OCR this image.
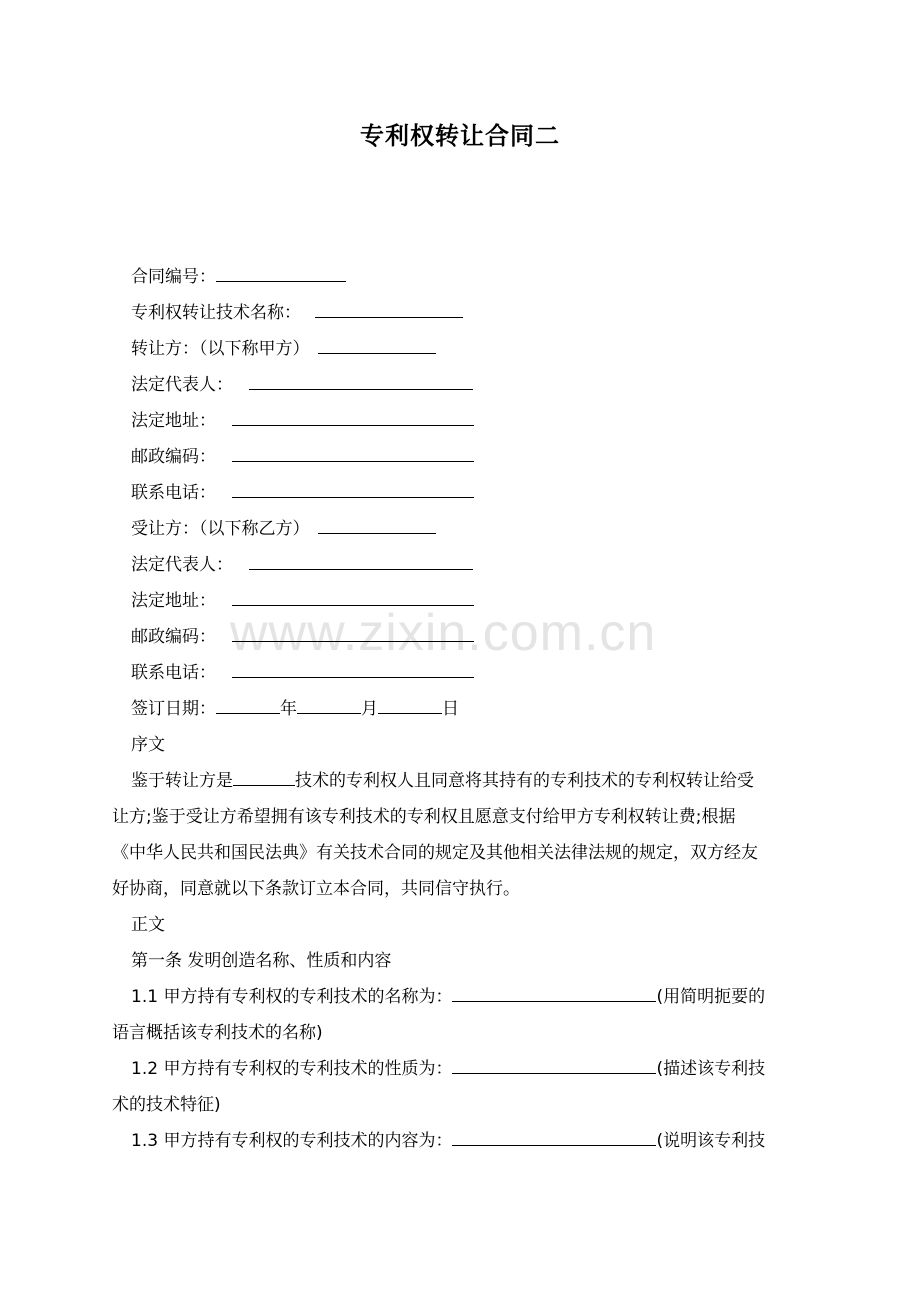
专利权转让合同二
www.zixin.com.cn
合同编号：
专利权转让技术名称：
转让方：（以下称甲方）
法定代表人：
法定地址：
邮政编码：
联系电话：
受让方：（以下称乙方）
法定代表人：
法定地址：
邮政编码：
联系电话：
签订日期：	年	月	日
序文
鉴于转让方是	技术的专利权人且同意将其持有的专利技术的专利权转让给受
让方;鉴于受让方希望拥有该专利技术的专利权且愿意支付给甲方专利权转让费;根据
《中华人民共和国民法典》有关技术合同的规定及其他相关法律法规的规定，双方经友
好协商，同意就以下条款订立本合同，共同信守执行。
正文
第一条 发明创造名称、性质和内容
1.1 甲方持有专利权的专利技术的名称为：	(用简明扼要的
语言概括该专利技术的名称)
1.2 甲方持有专利权的专利技术的性质为：	(描述该专利技
术的技术特征)
1.3 甲方持有专利权的专利技术的内容为：	(说明该专利技
